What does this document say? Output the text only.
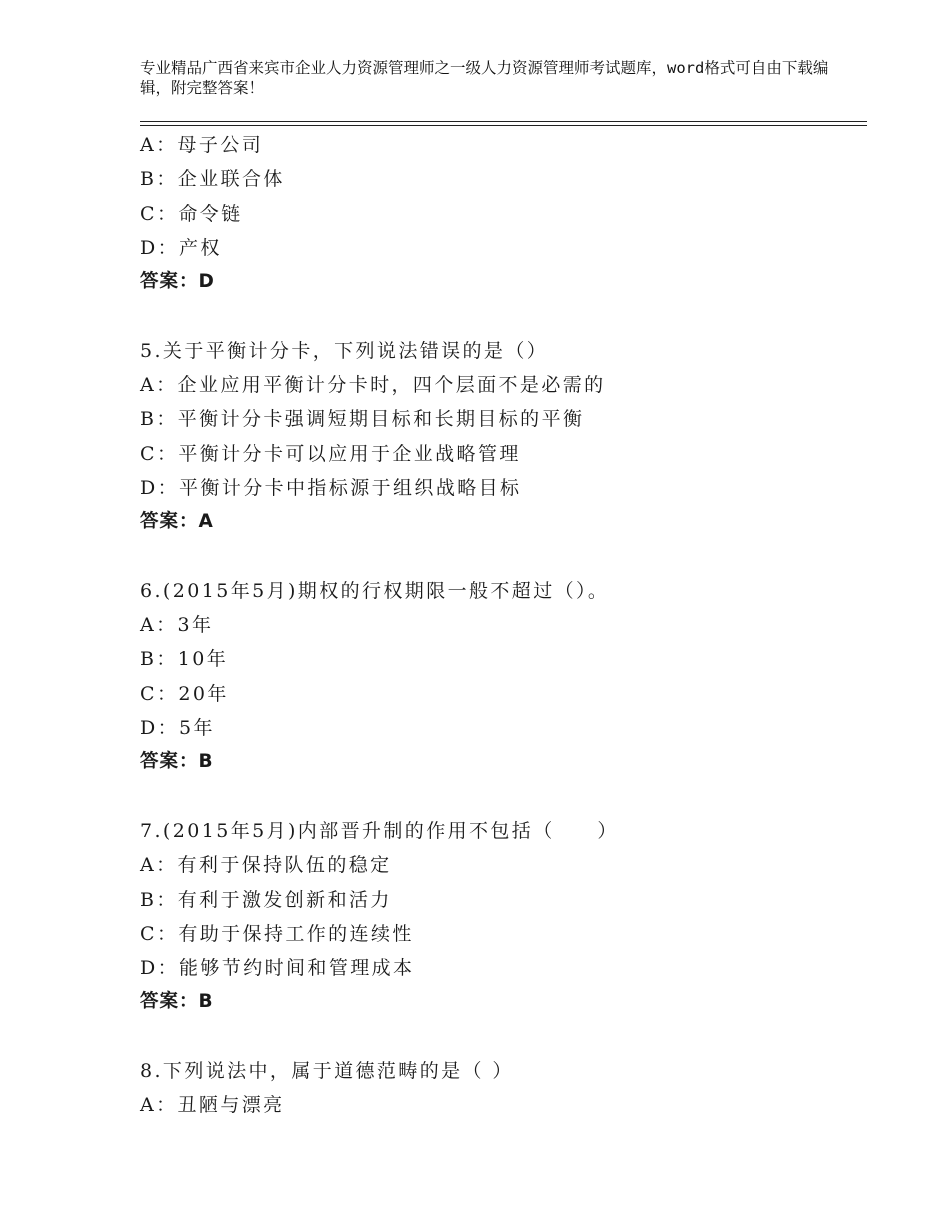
专业精品广西省来宾市企业人力资源管理师之一级人力资源管理师考试题库，word格式可自由下载编辑，附完整答案！
A：母子公司
B：企业联合体
C：命令链
D：产权
答案：D
5.关于平衡计分卡，下列说法错误的是（）
A：企业应用平衡计分卡时，四个层面不是必需的
B：平衡计分卡强调短期目标和长期目标的平衡
C：平衡计分卡可以应用于企业战略管理
D：平衡计分卡中指标源于组织战略目标
答案：A
6.(2015年5月)期权的行权期限一般不超过（）。
A：3年
B：10年
C：20年
D：5年
答案：B
7.(2015年5月)内部晋升制的作用不包括（　　）
A：有利于保持队伍的稳定
B：有利于激发创新和活力
C：有助于保持工作的连续性
D：能够节约时间和管理成本
答案：B
8.下列说法中，属于道德范畴的是（ ）
A：丑陋与漂亮
